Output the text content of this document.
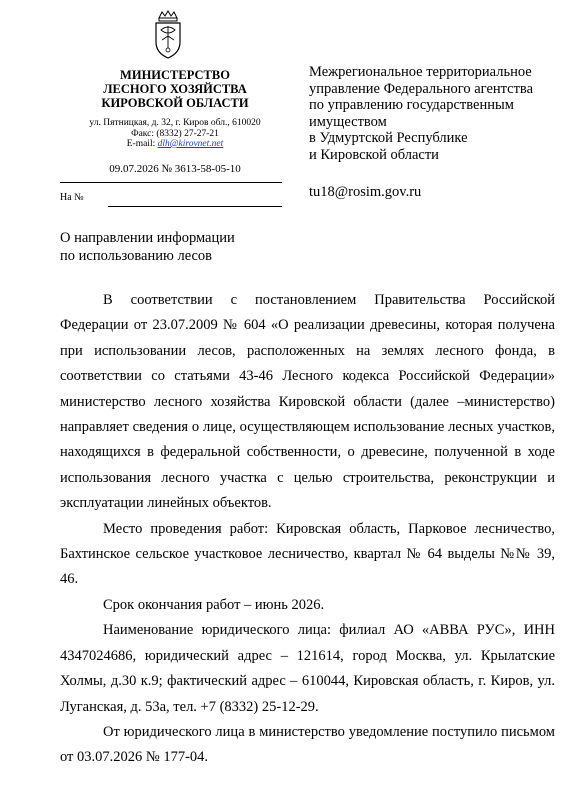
МИНИСТЕРСТВО
ЛЕСНОГО ХОЗЯЙСТВА
КИРОВСКОЙ ОБЛАСТИ
ул. Пятницкая, д. 32, г. Киров обл., 610020
Факс: (8332) 27-27-21
E-mail: dlh@kirovnet.net
09.07.2026 № 3613-58-05-10
На №
Межрегиональное территориальное
управление Федерального агентства
по управлению государственным
имуществом
в Удмуртской Республике
и Кировской области
tu18@rosim.gov.ru
О направлении информации
по использованию лесов

В соответствии с постановлением Правительства Российской Федерации от 23.07.2009 № 604 «О реализации древесины, которая получена при использовании лесов, расположенных на землях лесного фонда, в соответствии со статьями 43-46 Лесного кодекса Российской Федерации» министерство лесного хозяйства Кировской области (далее –министерство) направляет сведения о лице, осуществляющем использование лесных участков, находящихся в федеральной собственности, о древесине, полученной в ходе использования лесного участка с целью строительства, реконструкции и эксплуатации линейных объектов.

Место проведения работ: Кировская область, Парковое лесничество, Бахтинское сельское участковое лесничество, квартал № 64 выделы №№ 39, 46.

Срок окончания работ – июнь 2026.

Наименование юридического лица: филиал АО «АВВА РУС», ИНН 4347024686, юридический адрес – 121614, город Москва, ул. Крылатские Холмы, д.30 к.9; фактический адрес – 610044, Кировская область, г. Киров, ул. Луганская, д. 53а, тел. +7 (8332) 25-12-29.

От юридического лица в министерство уведомление поступило письмом от 03.07.2026 № 177-04.
